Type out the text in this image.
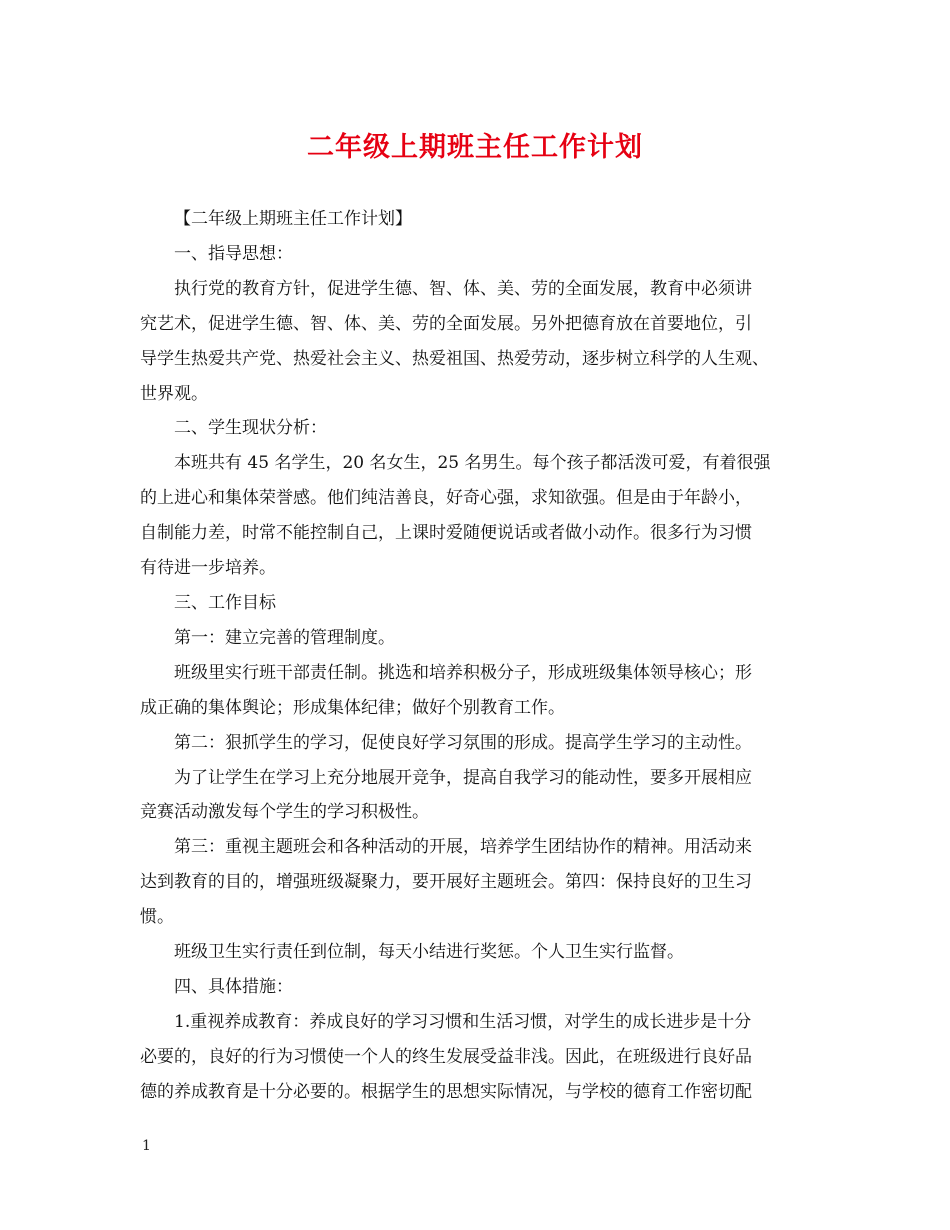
二年级上期班主任工作计划

【二年级上期班主任工作计划】

一、指导思想：

执行党的教育方针，促进学生德、智、体、美、劳的全面发展，教育中必须讲
究艺术，促进学生德、智、体、美、劳的全面发展。另外把德育放在首要地位，引
导学生热爱共产党、热爱社会主义、热爱祖国、热爱劳动，逐步树立科学的人生观、
世界观。

二、学生现状分析：

本班共有 45 名学生，20 名女生，25 名男生。每个孩子都活泼可爱，有着很强
的上进心和集体荣誉感。他们纯洁善良，好奇心强，求知欲强。但是由于年龄小，
自制能力差，时常不能控制自己，上课时爱随便说话或者做小动作。很多行为习惯
有待进一步培养。

三、工作目标

第一：建立完善的管理制度。

班级里实行班干部责任制。挑选和培养积极分子，形成班级集体领导核心；形
成正确的集体舆论；形成集体纪律；做好个别教育工作。

第二：狠抓学生的学习，促使良好学习氛围的形成。提高学生学习的主动性。

为了让学生在学习上充分地展开竞争，提高自我学习的能动性，要多开展相应
竞赛活动激发每个学生的学习积极性。

第三：重视主题班会和各种活动的开展，培养学生团结协作的精神。用活动来
达到教育的目的，增强班级凝聚力，要开展好主题班会。第四：保持良好的卫生习
惯。

班级卫生实行责任到位制，每天小结进行奖惩。个人卫生实行监督。

四、具体措施：

1.重视养成教育：养成良好的学习习惯和生活习惯，对学生的成长进步是十分
必要的，良好的行为习惯使一个人的终生发展受益非浅。因此，在班级进行良好品
德的养成教育是十分必要的。根据学生的思想实际情况，与学校的德育工作密切配

1
